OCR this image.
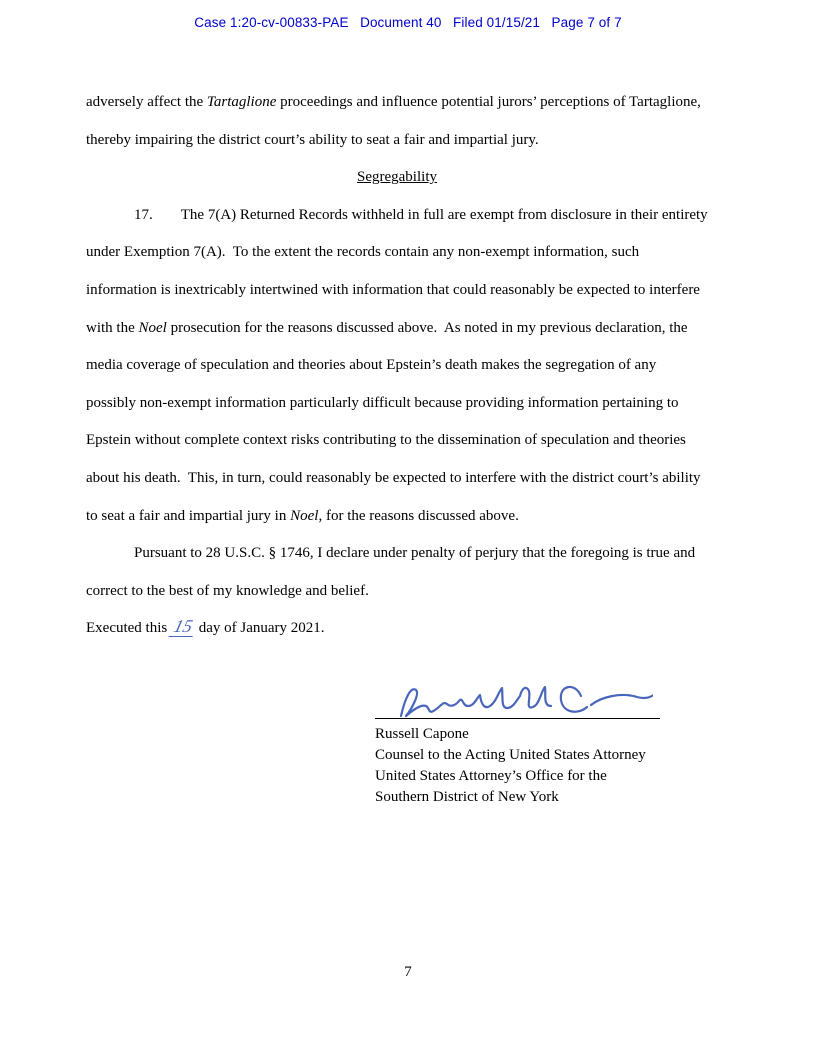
Case 1:20-cv-00833-PAE   Document 40   Filed 01/15/21   Page 7 of 7

adversely affect the Tartaglione proceedings and influence potential jurors’ perceptions of Tartaglione, thereby impairing the district court’s ability to seat a fair and impartial jury.

Segregability

17. The 7(A) Returned Records withheld in full are exempt from disclosure in their entirety under Exemption 7(A).  To the extent the records contain any non-exempt information, such information is inextricably intertwined with information that could reasonably be expected to interfere with the Noel prosecution for the reasons discussed above.  As noted in my previous declaration, the media coverage of speculation and theories about Epstein’s death makes the segregation of any possibly non-exempt information particularly difficult because providing information pertaining to Epstein without complete context risks contributing to the dissemination of speculation and theories about his death.  This, in turn, could reasonably be expected to interfere with the district court’s ability to seat a fair and impartial jury in Noel, for the reasons discussed above.

Pursuant to 28 U.S.C. § 1746, I declare under penalty of perjury that the foregoing is true and correct to the best of my knowledge and belief.

Executed this 15 day of January 2021.

Russell Capone
Counsel to the Acting United States Attorney
United States Attorney’s Office for the
Southern District of New York
7
